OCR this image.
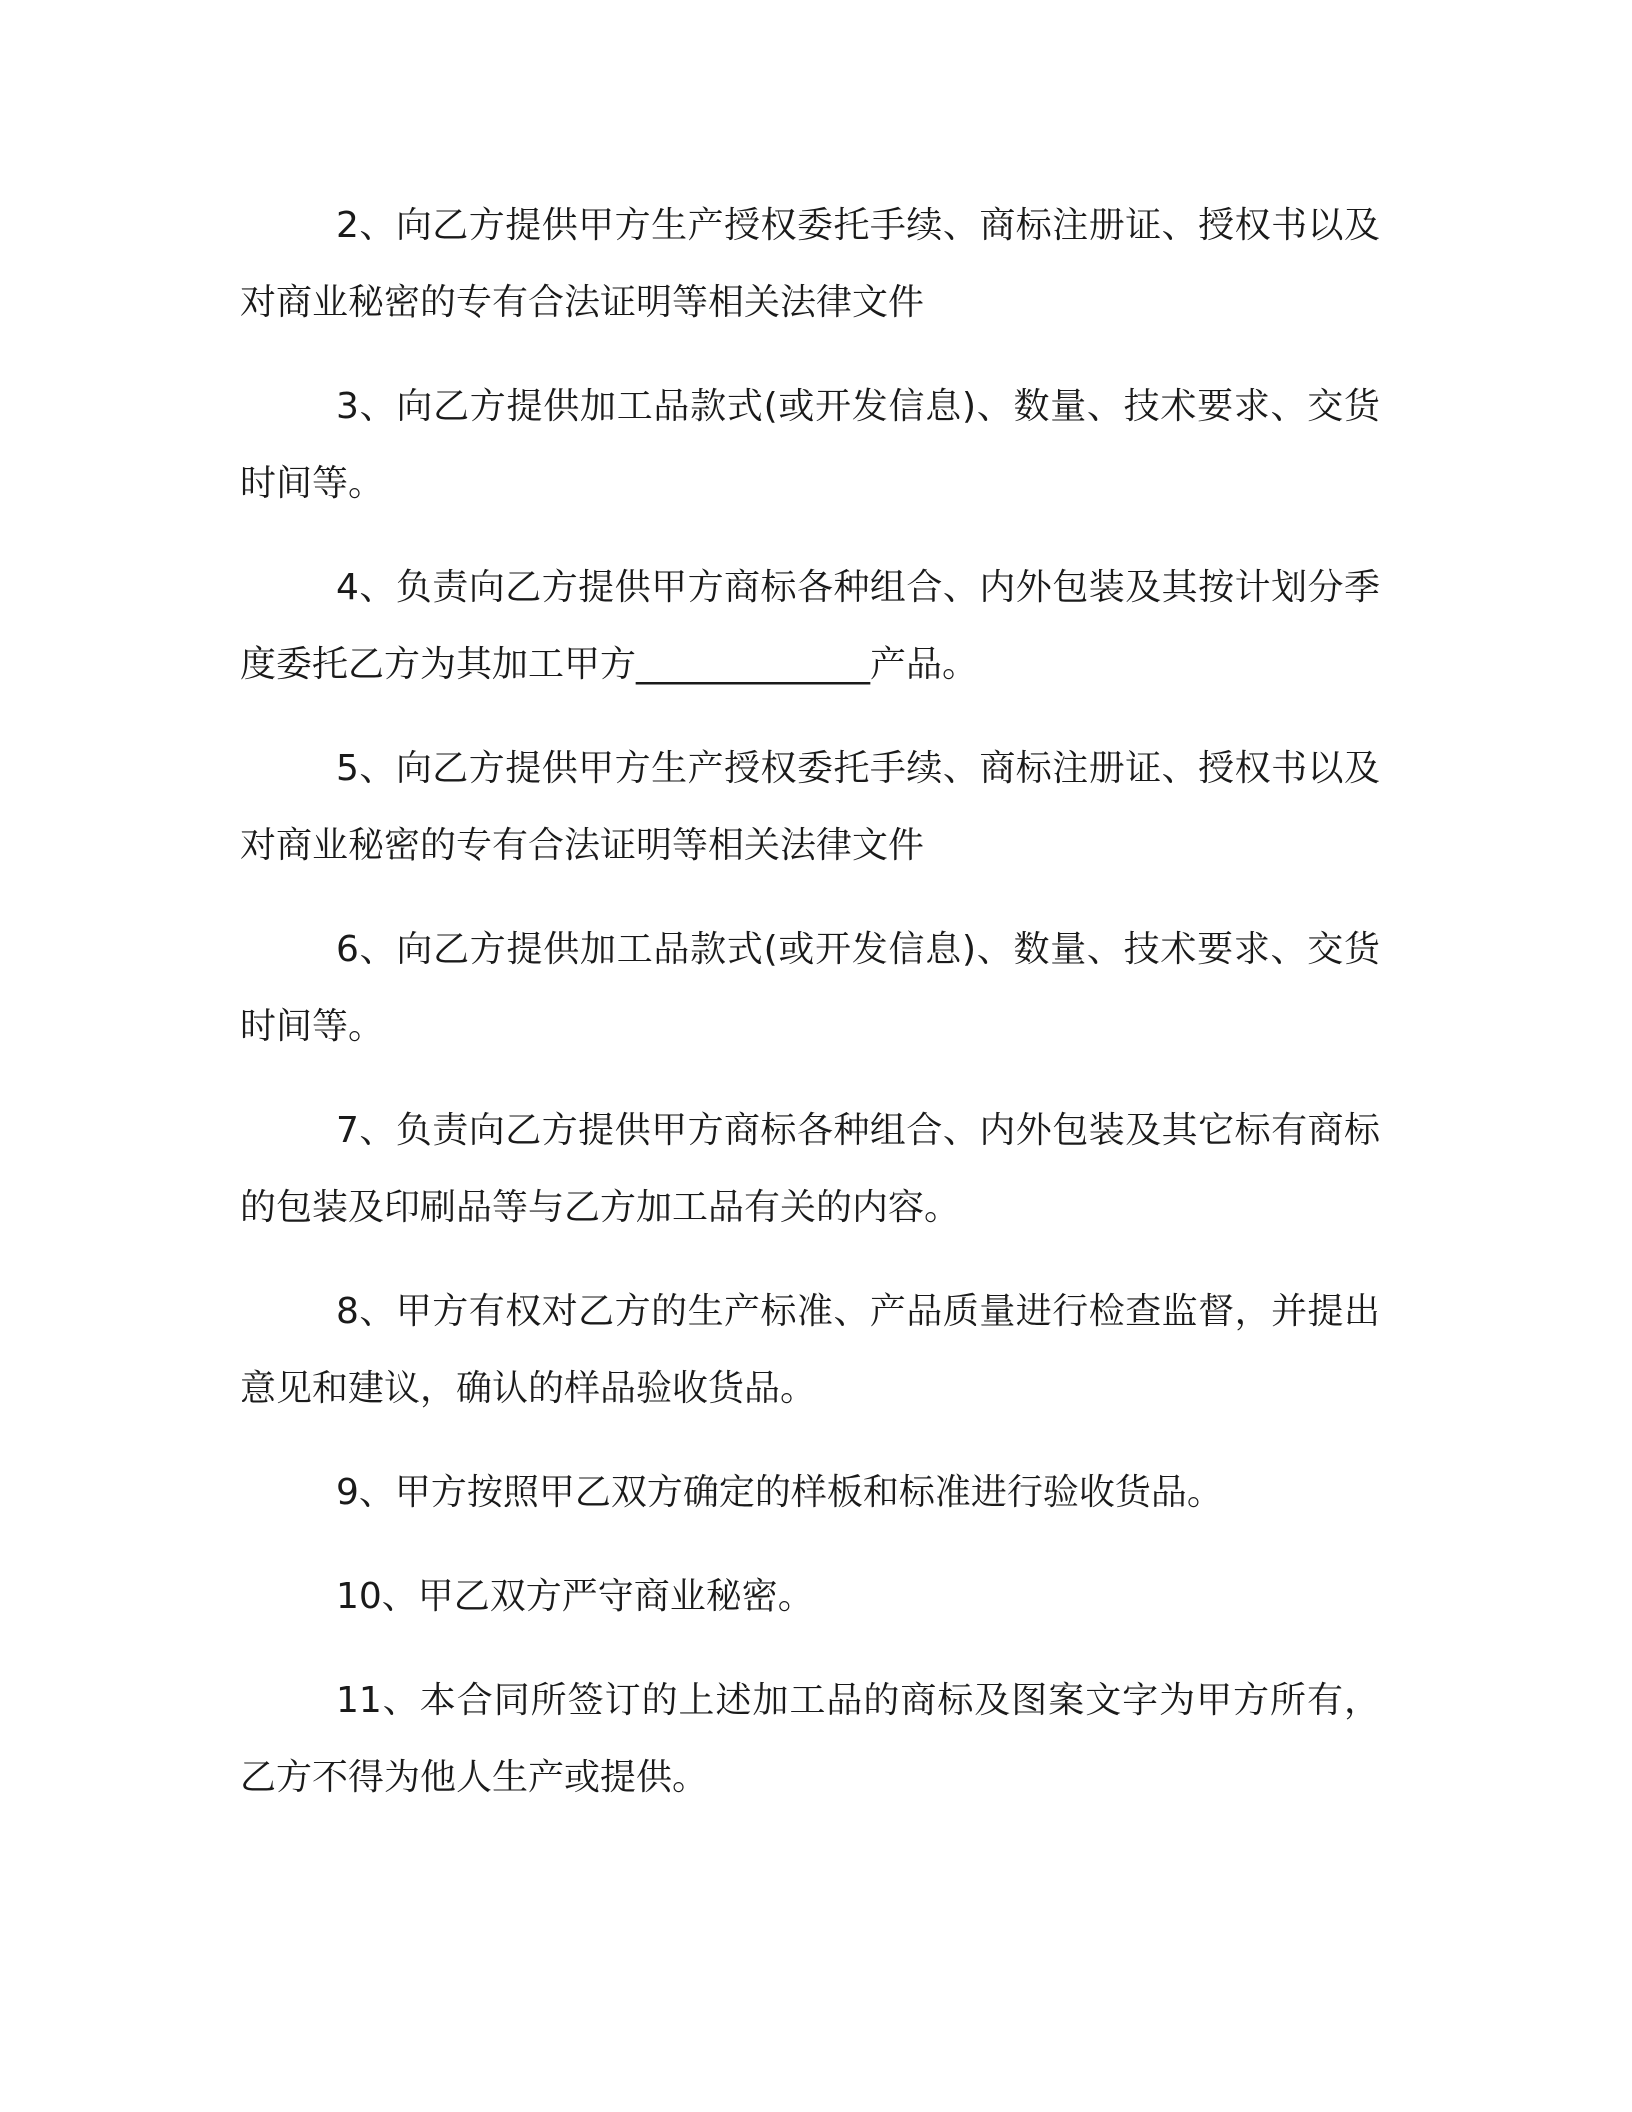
2、向乙方提供甲方生产授权委托手续、商标注册证、授权书以及对商业秘密的专有合法证明等相关法律文件

3、向乙方提供加工品款式(或开发信息)、数量、技术要求、交货时间等。

4、负责向乙方提供甲方商标各种组合、内外包装及其按计划分季度委托乙方为其加工甲方_____________产品。

5、向乙方提供甲方生产授权委托手续、商标注册证、授权书以及对商业秘密的专有合法证明等相关法律文件

6、向乙方提供加工品款式(或开发信息)、数量、技术要求、交货时间等。

7、负责向乙方提供甲方商标各种组合、内外包装及其它标有商标的包装及印刷品等与乙方加工品有关的内容。

8、甲方有权对乙方的生产标准、产品质量进行检查监督，并提出意见和建议，确认的样品验收货品。

9、甲方按照甲乙双方确定的样板和标准进行验收货品。

10、甲乙双方严守商业秘密。

11、本合同所签订的上述加工品的商标及图案文字为甲方所有，乙方不得为他人生产或提供。
